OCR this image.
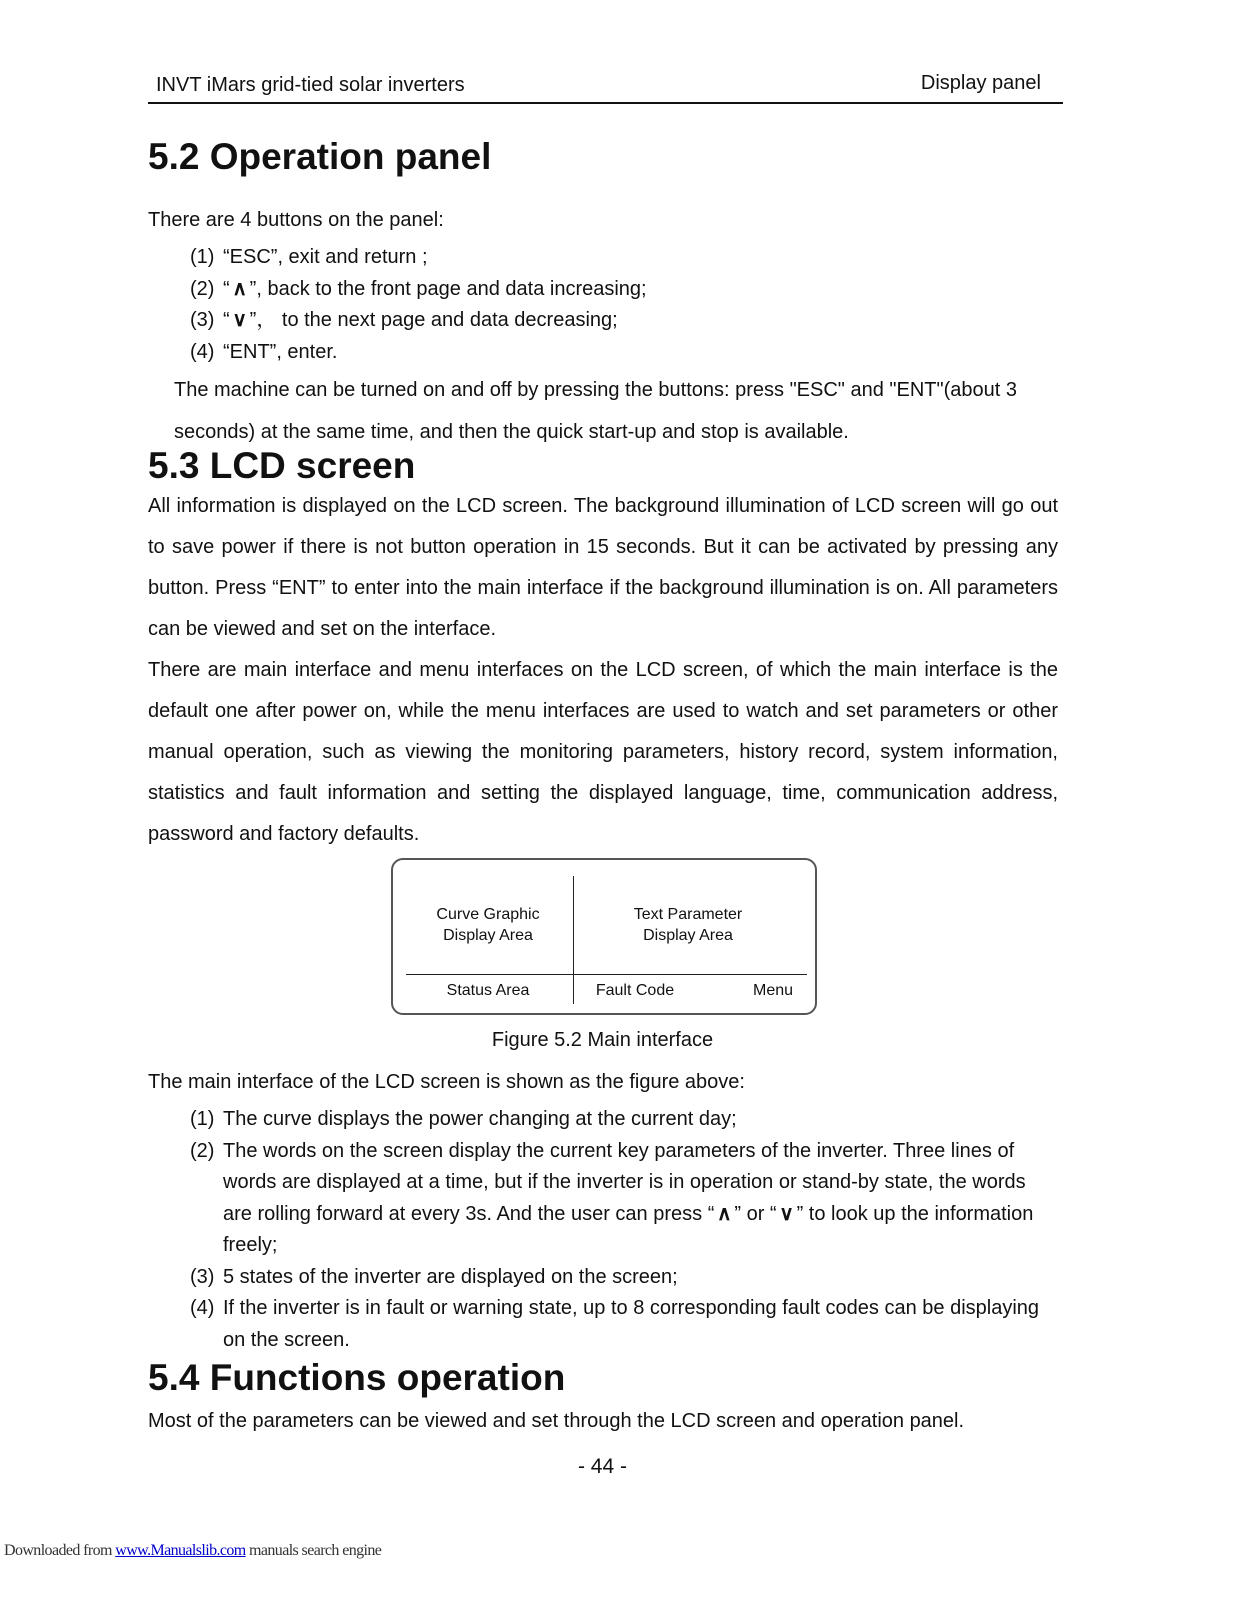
INVT iMars grid-tied solar inverters	Display panel
5.2 Operation panel
There are 4 buttons on the panel:
(1) “ESC”, exit and return ;
(2) “ ∧ ”, back to the front page and data increasing;
(3) “ ∨ ”， to the next page and data decreasing;
(4) “ENT”, enter.
The machine can be turned on and off by pressing the buttons: press "ESC" and "ENT"(about 3
seconds) at the same time, and then the quick start-up and stop is available.
5.3 LCD screen

All information is displayed on the LCD screen. The background illumination of LCD screen will go out to save power if there is not button operation in 15 seconds. But it can be activated by pressing any button. Press “ENT” to enter into the main interface if the background illumination is on. All parameters can be viewed and set on the interface.

There are main interface and menu interfaces on the LCD screen, of which the main interface is the default one after power on, while the menu interfaces are used to watch and set parameters or other manual operation, such as viewing the monitoring parameters, history record, system information, statistics and fault information and setting the displayed language, time, communication address, password and factory defaults.

Curve Graphic
Display Area
Text Parameter
Display Area
Status Area	Fault Code	Menu
Figure 5.2 Main interface
The main interface of the LCD screen is shown as the figure above:
(1) The curve displays the power changing at the current day;
(2) The words on the screen display the current key parameters of the inverter. Three lines of words are displayed at a time, but if the inverter is in operation or stand-by state, the words are rolling forward at every 3s. And the user can press “ ∧ ” or “ ∨ ” to look up the information freely;
(3) 5 states of the inverter are displayed on the screen;
(4) If the inverter is in fault or warning state, up to 8 corresponding fault codes can be displaying on the screen.
5.4 Functions operation
Most of the parameters can be viewed and set through the LCD screen and operation panel.
- 44 -
Downloaded from www.Manualslib.com manuals search engine
